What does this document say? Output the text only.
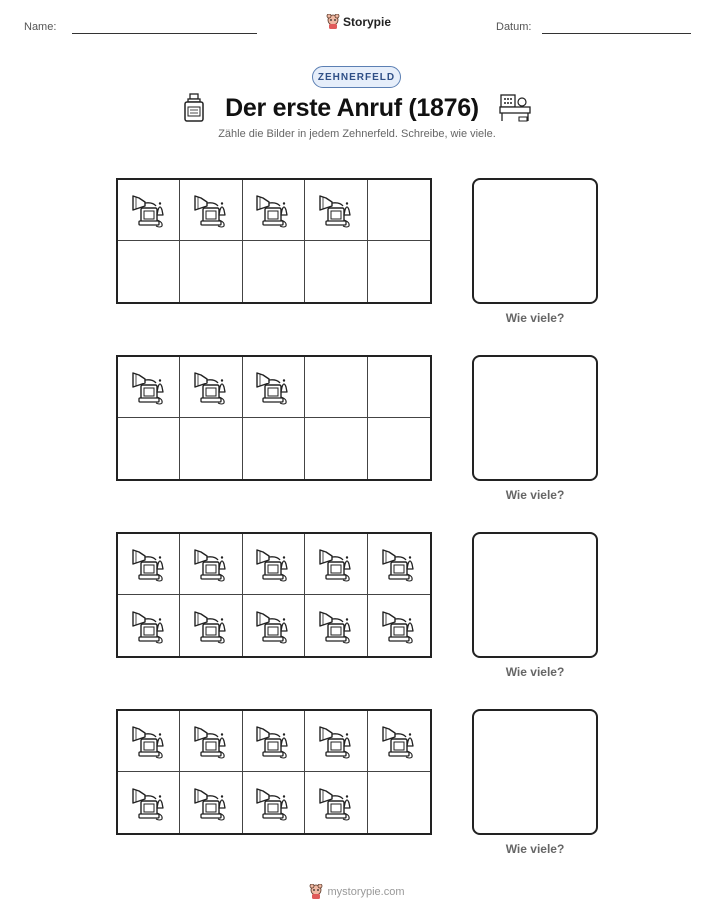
Name:	Storypie	Datum:
ZEHNERFELD
Der erste Anruf (1876)
Zähle die Bilder in jedem Zehnerfeld. Schreibe, wie viele.
Wie viele?
Wie viele?
Wie viele?
Wie viele?
mystorypie.com
